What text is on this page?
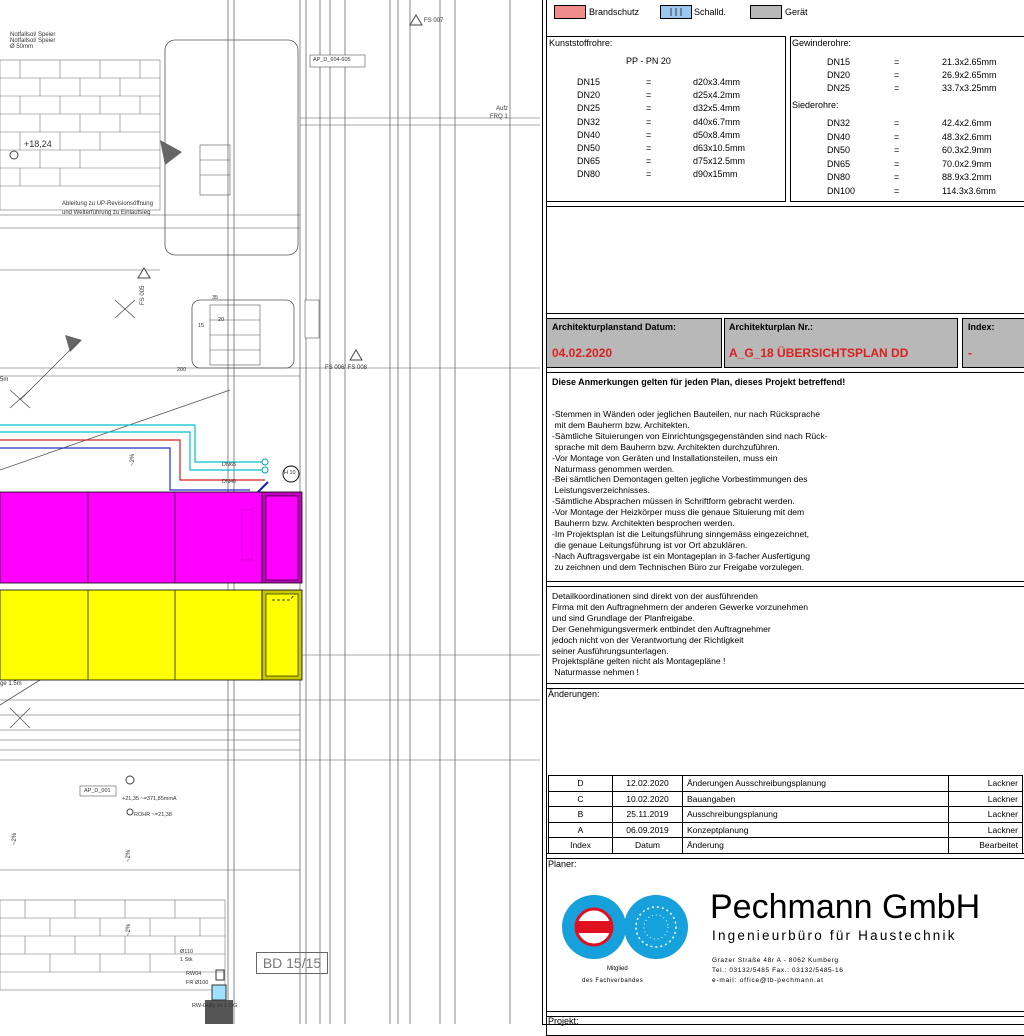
Notfallsol/ Speier
Notfallsol/ Speier
Ø 50mm
FS 007
AP_D_604-605
+18,24
Ableitung zu UP-Revisionsöffnung
und Weiterführung zu Einlaufsieg
FS 005
FS 006/ FS 008
Aufz
FRQ 1
DN65
DN40
H 10
5m
ge 1.5m
AP_D_001
+21,35 ~=371,85mmA
ROHR ~=21,38
~2%
~2%
~2%
~2%
Ø110
1 Stk
RW04
FR Ø100
RW-Gully im 1.OG
200
15
20
35
BD 15/15
Brandschutz	Schalld.	Gerät
Kunststoffrohre:
PP - PN 20
Gewinderohre:
Siederohre:
Architekturplanstand Datum:
04.02.2020
Architekturplan Nr.:
A_G_18 ÜBERSICHTSPLAN DD
Index:
-
Diese Anmerkungen gelten für jeden Plan, dieses Projekt betreffend!
-Stemmen in Wänden oder jeglichen Bauteilen, nur nach Rücksprache
mit dem Bauherrn bzw. Architekten.
-Sämtliche Situierungen von Einrichtungsgegenständen sind nach Rück-
sprache mit dem Bauherrn bzw. Architekten durchzuführen.
-Vor Montage von Geräten und Installationsteilen, muss ein
Naturmass genommen werden.
-Bei sämtlichen Demontagen gelten jegliche Vorbestimmungen des
Leistungsverzeichnisses.
-Sämtliche Absprachen müssen in Schriftform gebracht werden.
-Vor Montage der Heizkörper muss die genaue Situierung mit dem
Bauherrn bzw. Architekten besprochen werden.
-Im Projektsplan ist die Leitungsführung sinngemäss eingezeichnet,
die genaue Leitungsführung ist vor Ort abzuklären.
-Nach Auftragsvergabe ist ein Montageplan in 3-facher Ausfertigung
zu zeichnen und dem Technischen Büro zur Freigabe vorzulegen.
Detailkoordinationen sind direkt von der ausführenden
Firma mit den Auftragnehmern der anderen Gewerke vorzunehmen
und sind Grundlage der Planfreigabe.
Der Genehmigungsvermerk entbindet den Auftragnehmer
jedoch nicht von der Verantwortung der Richtigkeit
seiner Ausführungsunterlagen.
Projektspläne gelten nicht als Montagepläne !
Naturmasse nehmen !
Änderungen:
Planer:
Mitglied
des Fachverbandes
Pechmann GmbH
Ingenieurbüro für Haustechnik
Grazer Straße 48r A - 8062 Kumberg
Tel.: 03132/5485 Fax.: 03132/5485-16
e-mail: office@tb-pechmann.at
Projekt:
DN15	=	d20x3.4mm
DN20	=	d25x4.2mm
DN25	=	d32x5.4mm
DN32	=	d40x6.7mm
DN40	=	d50x8.4mm
DN50	=	d63x10.5mm
DN65	=	d75x12.5mm
DN80	=	d90x15mm
DN15	=	21.3x2.65mm
DN20	=	26.9x2.65mm
DN25	=	33.7x3.25mm
DN32	=	42.4x2.6mm
DN40	=	48.3x2.6mm
DN50	=	60.3x2.9mm
DN65	=	70.0x2.9mm
DN80	=	88.9x3.2mm
DN100	=	114.3x3.6mm
D	12.02.2020	Änderungen Ausschreibungsplanung	Lackner
C	10.02.2020	Bauangaben	Lackner
B	25.11.2019	Ausschreibungsplanung	Lackner
A	06.09.2019	Konzeptplanung	Lackner
Index	Datum	Änderung	Bearbeitet
